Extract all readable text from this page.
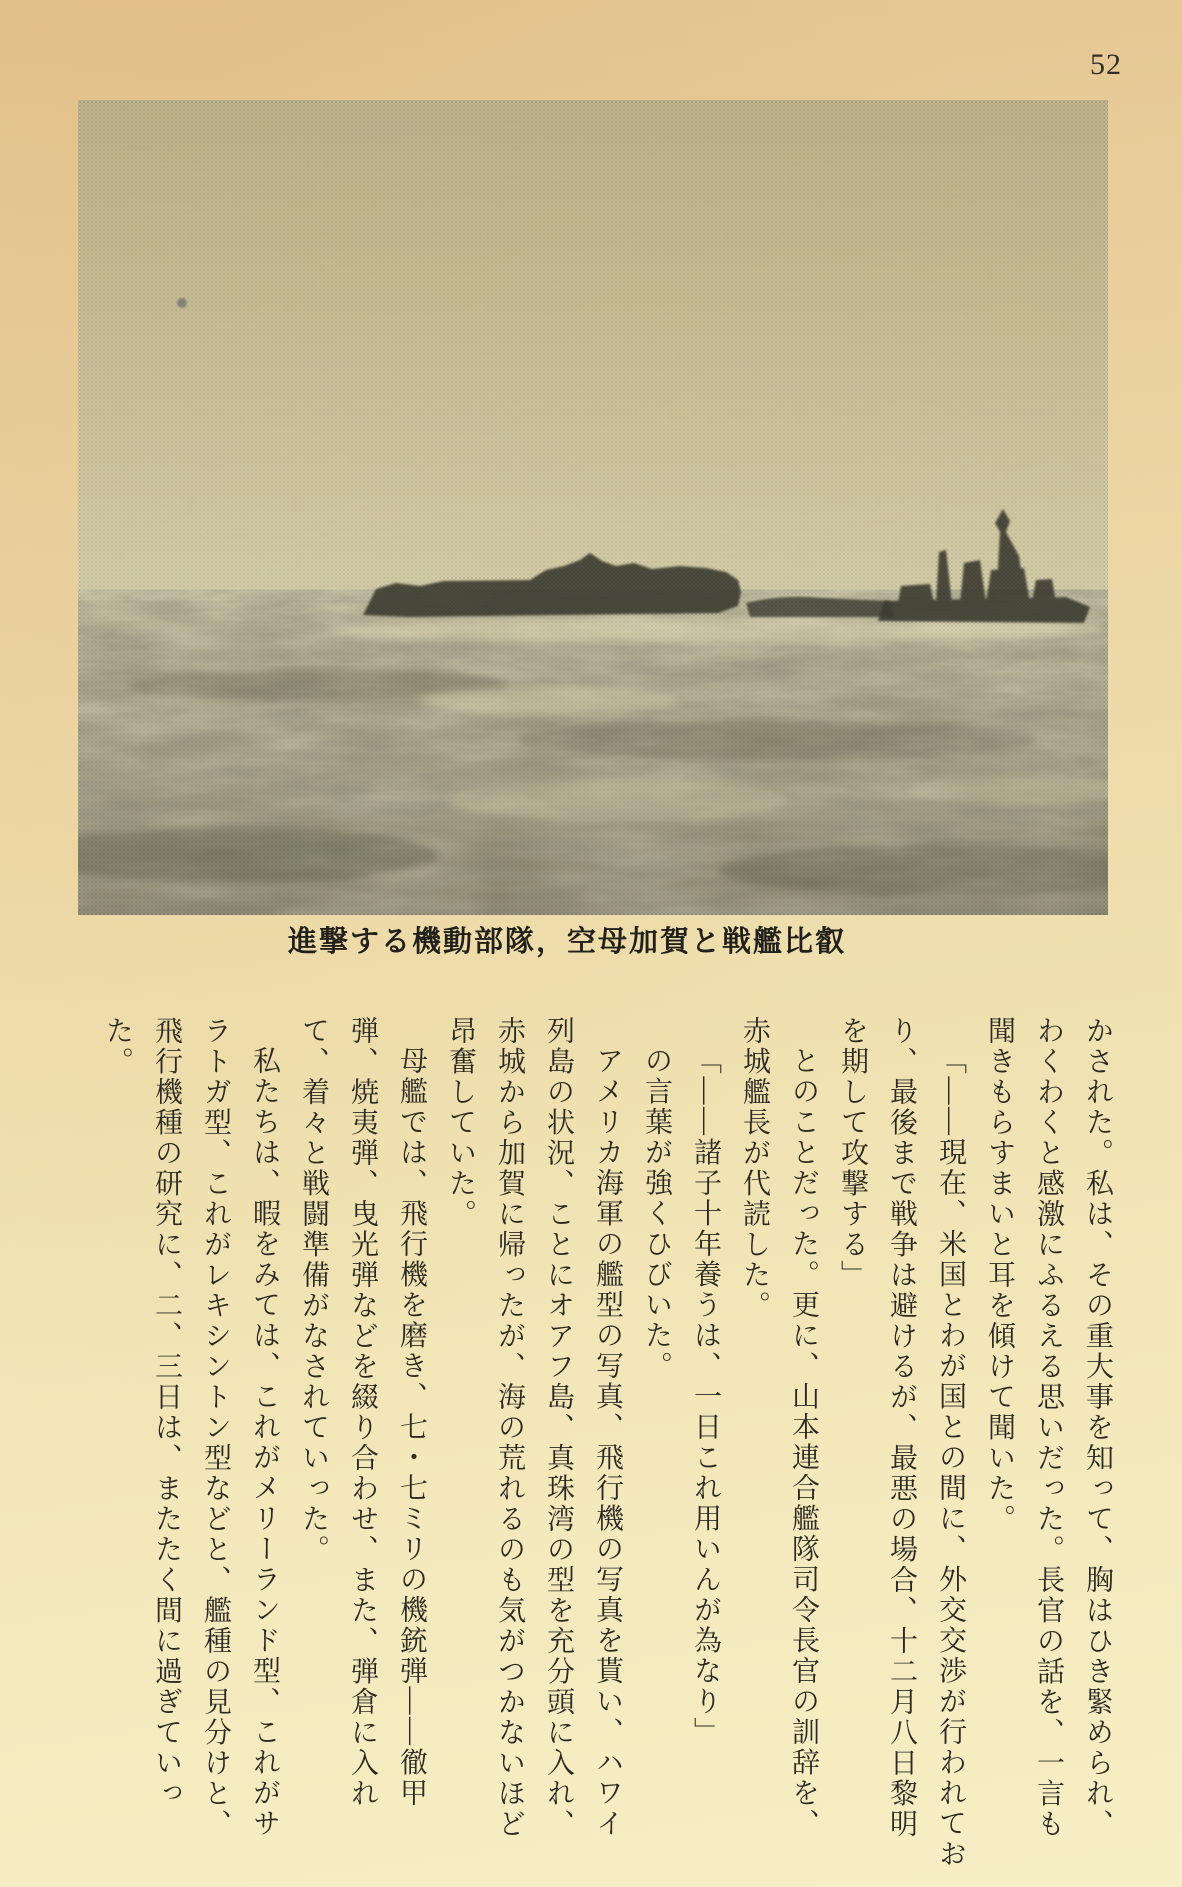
52
進撃する機動部隊，空母加賀と戦艦比叡
かされた。私は、その重大事を知って、胸はひき緊められ、
わくわくと感激にふるえる思いだった。長官の話を、一言も
聞きもらすまいと耳を傾けて聞いた。
「――現在、米国とわが国との間に、外交交渉が行われてお
り、最後まで戦争は避けるが、最悪の場合、十二月八日黎明
を期して攻撃する」
とのことだった。更に、山本連合艦隊司令長官の訓辞を、
赤城艦長が代読した。
「――諸子十年養うは、一日これ用いんが為なり」
の言葉が強くひびいた。
アメリカ海軍の艦型の写真、飛行機の写真を貰い、ハワイ
列島の状況、ことにオアフ島、真珠湾の型を充分頭に入れ、
赤城から加賀に帰ったが、海の荒れるのも気がつかないほど
昂奮していた。
母艦では、飛行機を磨き、七・七ミリの機銃弾――徹甲
弾、焼夷弾、曳光弾などを綴り合わせ、また、弾倉に入れ
て、着々と戦闘準備がなされていった。
私たちは、暇をみては、これがメリーランド型、これがサ
ラトガ型、これがレキシントン型などと、艦種の見分けと、
飛行機種の研究に、二、三日は、またたく間に過ぎていっ
た。
